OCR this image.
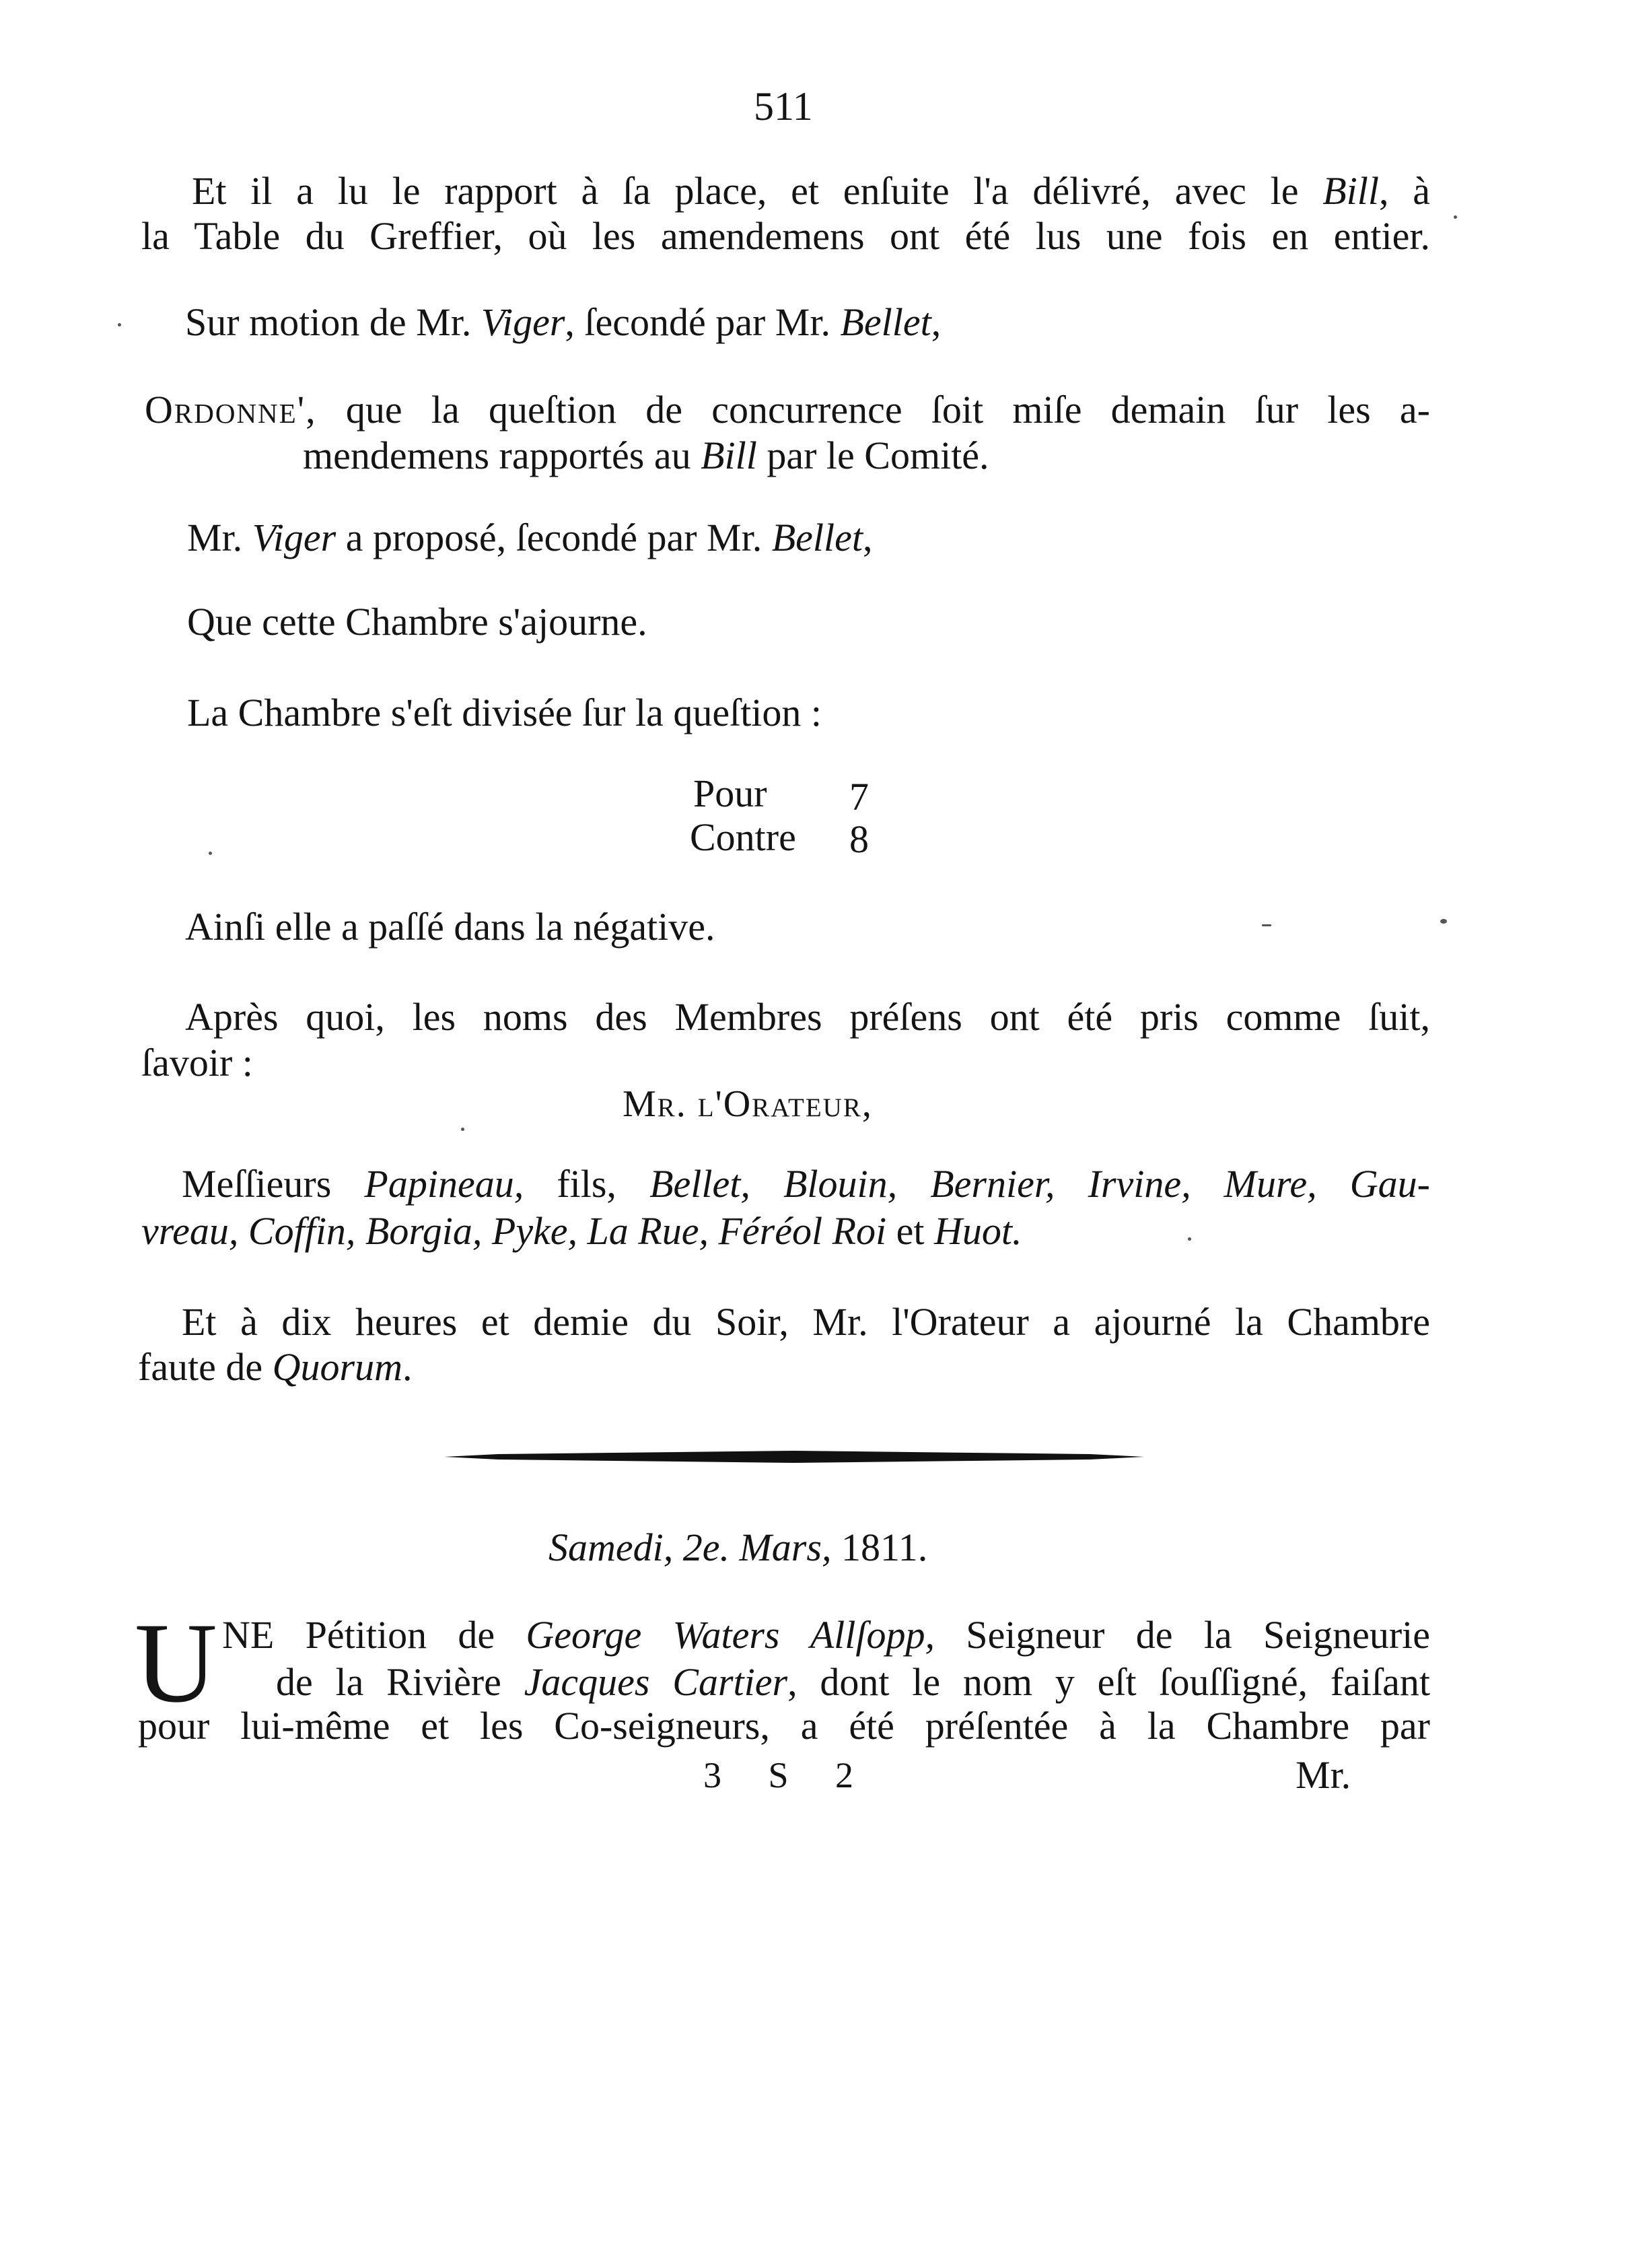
511
Et il a lu le rapport à ſa place, et enſuite l'a délivré, avec le Bill, à
la Table du Greffier, où les amendemens ont été lus une fois en entier.
Sur motion de Mr. Viger, ſecondé par Mr. Bellet,
Ordonne', que la queſtion de concurrence ſoit miſe demain ſur les a-
mendemens rapportés au Bill par le Comité.
Mr. Viger a proposé, ſecondé par Mr. Bellet,
Que cette Chambre s'ajourne.
La Chambre s'eſt divisée ſur la queſtion :
Pour 7
Contre 8
Ainſi elle a paſſé dans la négative.
Après quoi, les noms des Membres préſens ont été pris comme ſuit,
ſavoir :
Mr. l'Orateur,
Meſſieurs Papineau, fils, Bellet, Blouin, Bernier, Irvine, Mure, Gau-
vreau, Coffin, Borgia, Pyke, La Rue, Féréol Roi et Huot.
Et à dix heures et demie du Soir, Mr. l'Orateur a ajourné la Chambre
faute de Quorum.
Samedi, 2e. Mars, 1811.
U NE Pétition de George Waters Allſopp, Seigneur de la Seigneurie
de la Rivière Jacques Cartier, dont le nom y eſt ſouſſigné, faiſant
pour lui-même et les Co-seigneurs, a été préſentée à la Chambre par
3 S 2	Mr.
